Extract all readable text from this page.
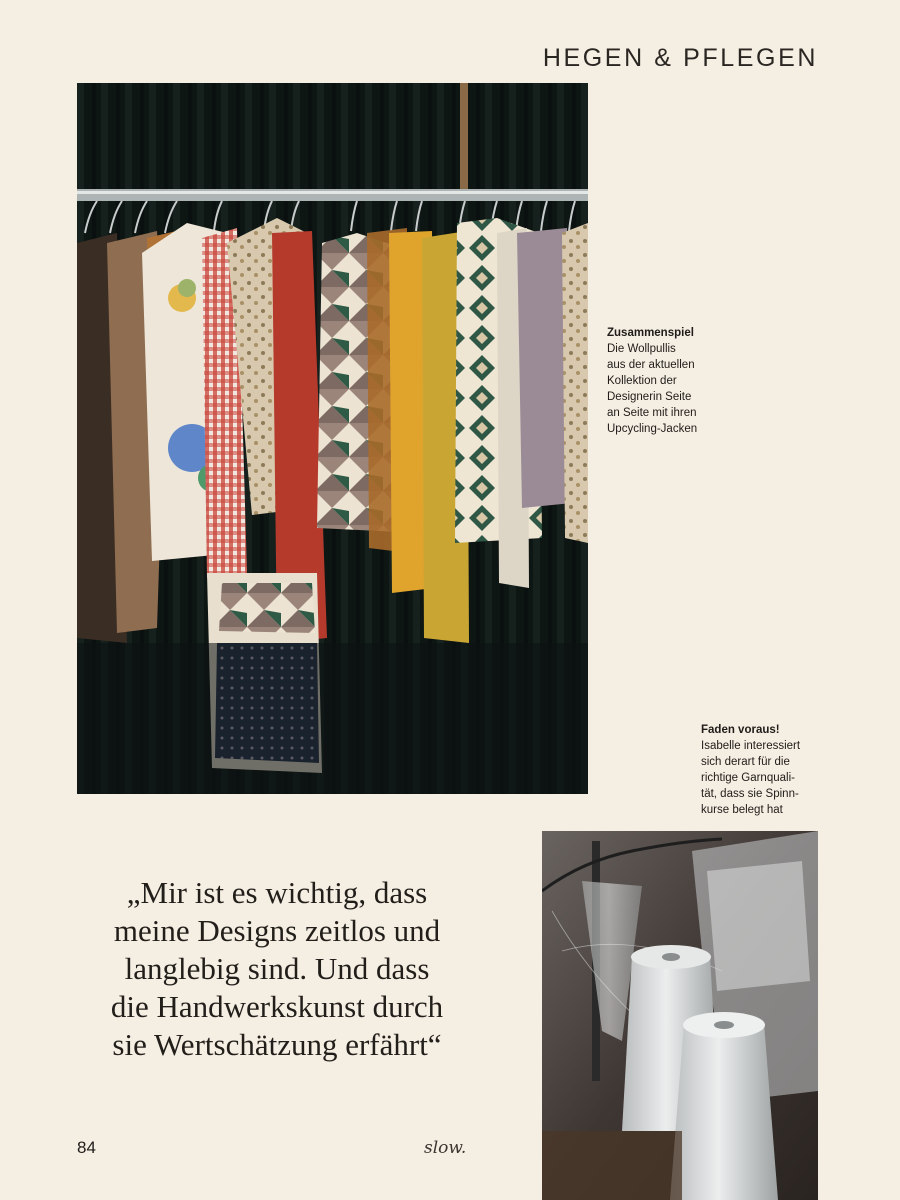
HEGEN & PFLEGEN
Zusammenspiel
Die Wollpullis
aus der aktuellen
Kollektion der
Designerin Seite
an Seite mit ihren
Upcycling-Jacken
Faden voraus!
Isabelle interessiert
sich derart für die
richtige Garnquali-
tät, dass sie Spinn-
kurse belegt hat

„Mir ist es wichtig, dass
meine Designs zeitlos und
langlebig sind. Und dass
die Handwerkskunst durch
sie Wertschätzung erfährt“

84	slow.
